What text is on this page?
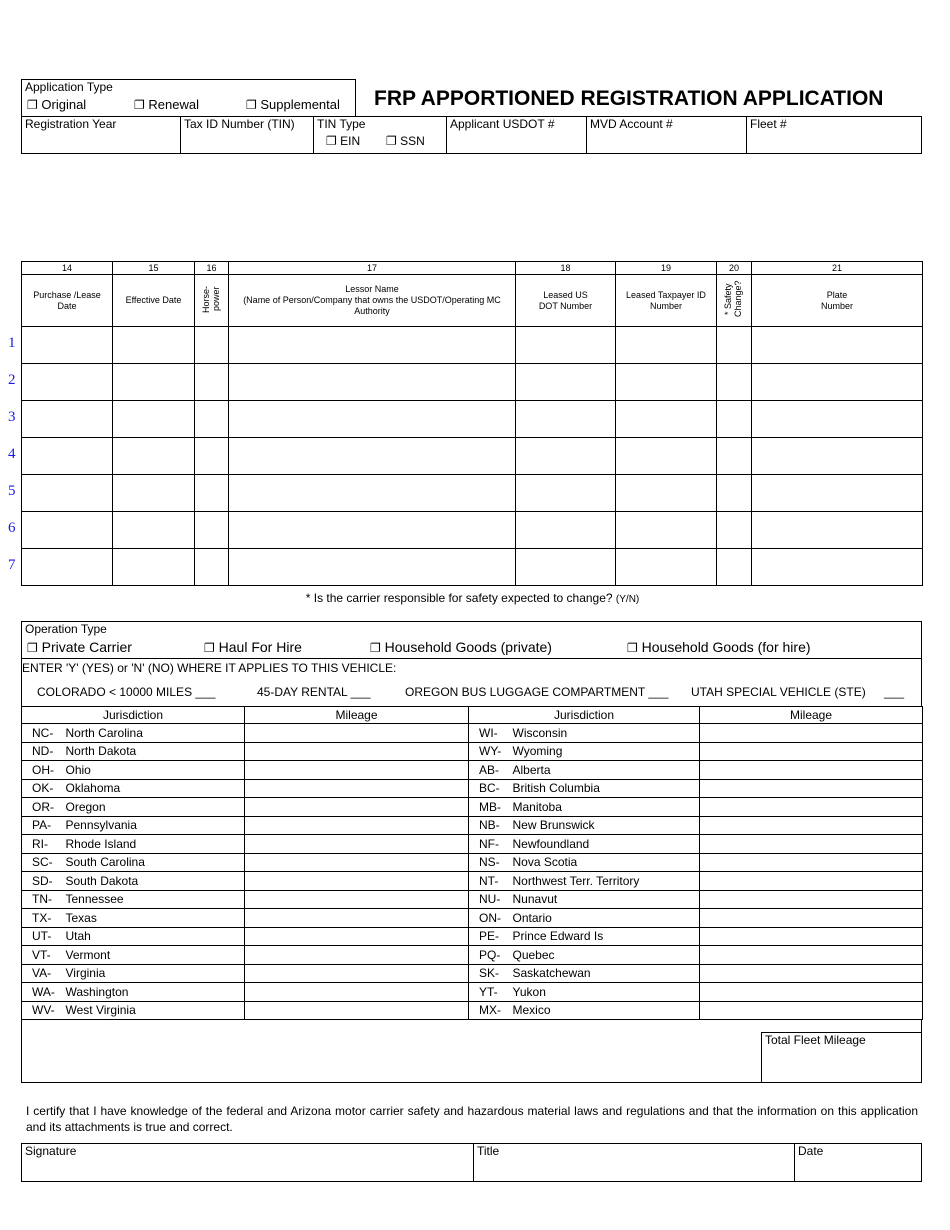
Application Type
❐ Original	❐ Renewal	❐ Supplemental FRP APPORTIONED REGISTRATION APPLICATION
Registration Year	Tax ID Number (TIN) TIN Type
❐ EIN ❐ SSN
Applicant USDOT #	MVD Account #	Fleet #
14	15	16	17	18	19	20	21
Purchase /Lease Date	Effective Date	Horse-power	Lessor Name
(Name of Person/Company that owns the USDOT/Operating MC Authority	Leased US DOT Number	Leased Taxpayer ID Number	* Safety Change?	Plate Number

1
2
3
4
5
6
7
* Is the carrier responsible for safety expected to change? (Y/N)
Operation Type
❐ Private Carrier	❐ Haul For Hire	❐ Household Goods (private)	❐ Household Goods (for hire)
ENTER 'Y' (YES) or 'N' (NO) WHERE IT APPLIES TO THIS VEHICLE:
COLORADO < 10000 MILES ___	45-DAY RENTAL ___	OREGON BUS LUGGAGE COMPARTMENT ___ UTAH SPECIAL VEHICLE (STE) ___
Jurisdiction		Mileage	Jurisdiction		Mileage
NC-	North Carolina		WI-	Wisconsin	
ND-	North Dakota		WY-	Wyoming	
OH-	Ohio		AB-	Alberta	
OK-	Oklahoma		BC-	British Columbia	
OR-	Oregon		MB-	Manitoba	
PA-	Pennsylvania		NB-	New Brunswick	
RI-	Rhode Island		NF-	Newfoundland	
SC-	South Carolina		NS-	Nova Scotia	
SD-	South Dakota		NT-	Northwest Terr. Territory	
TN-	Tennessee		NU-	Nunavut	
TX-	Texas		ON-	Ontario	
UT-	Utah		PE-	Prince Edward Is	
VT-	Vermont		PQ-	Quebec	
VA-	Virginia		SK-	Saskatchewan	
WA-	Washington		YT-	Yukon	
WV-	West Virginia		MX-	Mexico	
Total Fleet Mileage
I certify that I have knowledge of the federal and Arizona motor carrier safety and hazardous material laws and regulations and that the information on this application and its attachments is true and correct.
Signature	Title	Date
